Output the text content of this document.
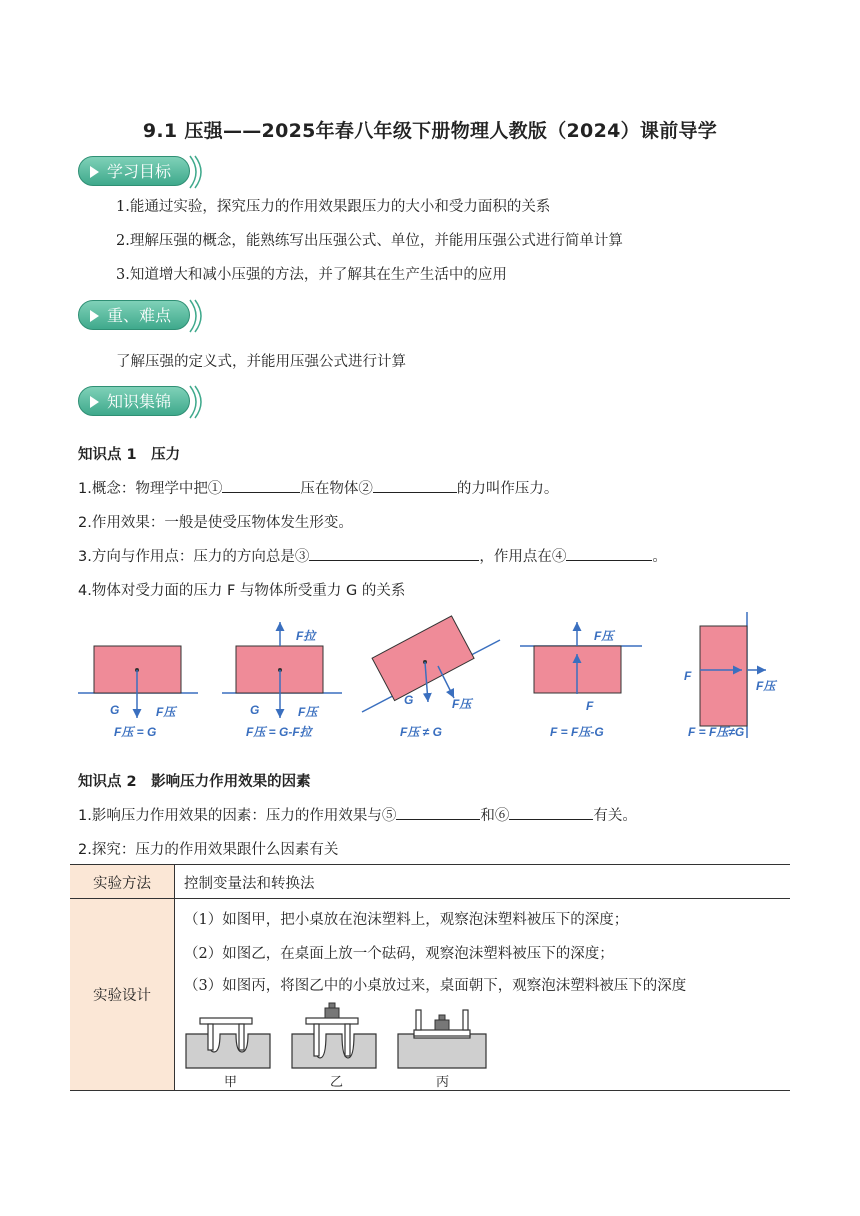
9.1 压强——2025年春八年级下册物理人教版（2024）课前导学
学习目标
1.能通过实验，探究压力的作用效果跟压力的大小和受力面积的关系
2.理解压强的概念，能熟练写出压强公式、单位，并能用压强公式进行简单计算
3.知道增大和减小压强的方法，并了解其在生产生活中的应用
重、难点
了解压强的定义式，并能用压强公式进行计算
知识集锦
知识点 1　压力
1.概念：物理学中把①	压在物体②	的力叫作压力。
2.作用效果：一般是使受压物体发生形变。
3.方向与作用点：压力的方向总是③	，作用点在④	。
4.物体对受力面的压力 F 与物体所受重力 G 的关系
G	F压
F压 = G
F拉
G	F压
F压 = G-F拉
G	F压
F压 ≠ G
F压
F
F = F压-G
F
F压
F = F压≠G
知识点 2　影响压力作用效果的因素
1.影响压力作用效果的因素：压力的作用效果与⑤	和⑥	有关。
2.探究：压力的作用效果跟什么因素有关
实验方法	控制变量法和转换法
实验设计
（1）如图甲，把小桌放在泡沫塑料上，观察泡沫塑料被压下的深度；
（2）如图乙，在桌面上放一个砝码，观察泡沫塑料被压下的深度；
（3）如图丙，将图乙中的小桌放过来，桌面朝下，观察泡沫塑料被压下的深度
甲	乙	丙
